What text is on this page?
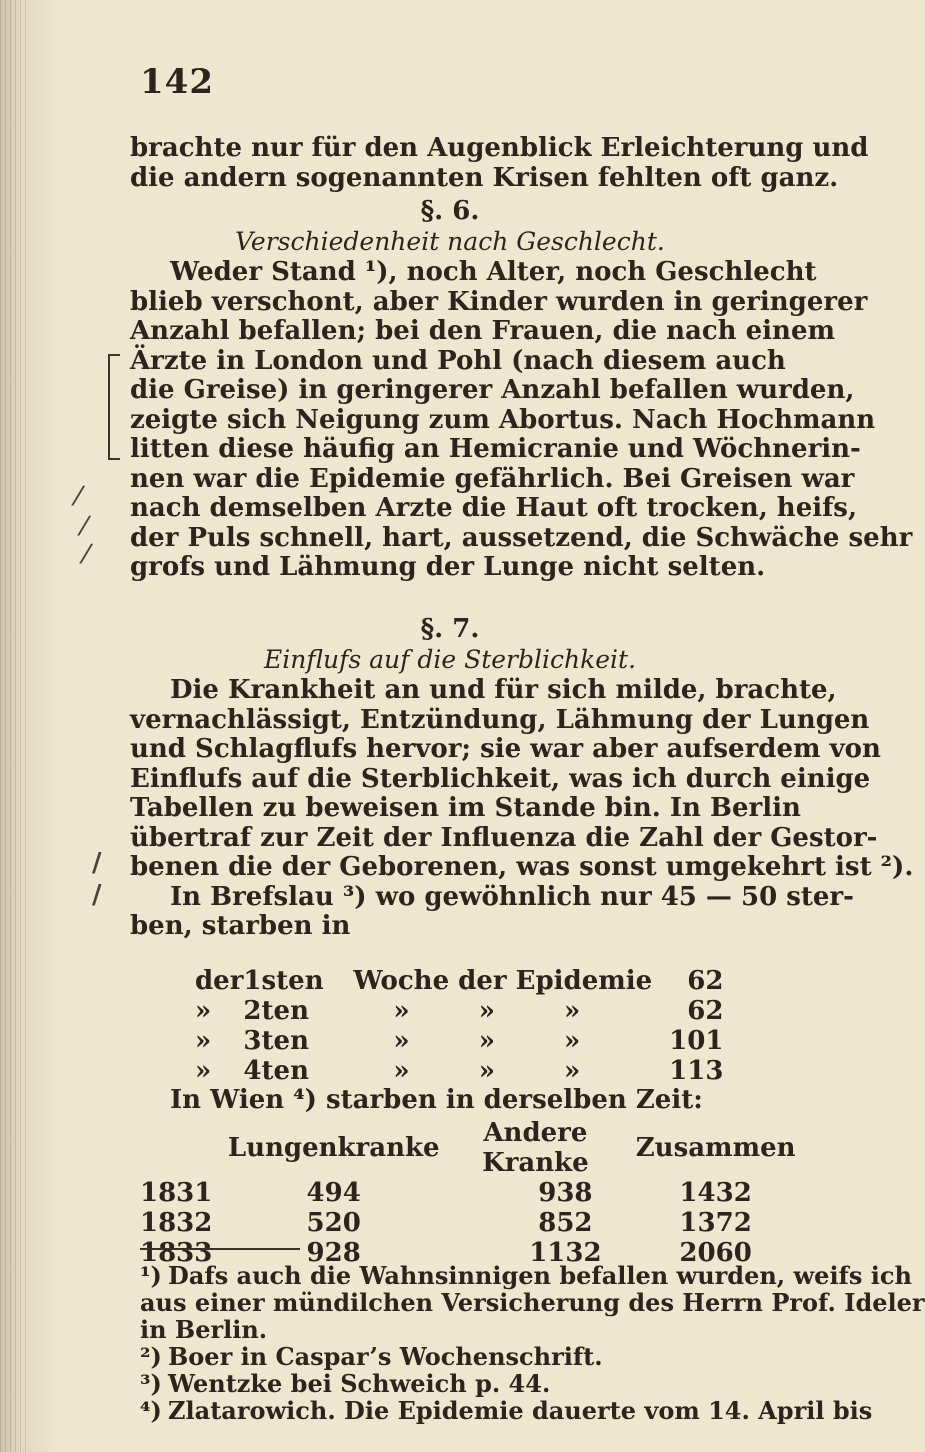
142
brachte nur für den Augenblick Erleichterung und
die andern sogenannten Krisen fehlten oft ganz.
§. 6.
Verschiedenheit nach Geschlecht.
Weder Stand ¹), noch Alter, noch Geschlecht
blieb verschont, aber Kinder wurden in geringerer
Anzahl befallen; bei den Frauen, die nach einem
Ärzte in London und Pohl (nach diesem auch
die Greise) in geringerer Anzahl befallen wurden,
zeigte sich Neigung zum Abortus. Nach Hochmann
litten diese häufig an Hemicranie und Wöchnerin-
nen war die Epidemie gefährlich. Bei Greisen war
nach demselben Arzte die Haut oft trocken, heifs,
der Puls schnell, hart, aussetzend, die Schwäche sehr
grofs und Lähmung der Lunge nicht selten.
§. 7.
Einflufs auf die Sterblichkeit.
Die Krankheit an und für sich milde, brachte,
vernachlässigt, Entzündung, Lähmung der Lungen
und Schlagflufs hervor; sie war aber aufserdem von
Einflufs auf die Sterblichkeit, was ich durch einige
Tabellen zu beweisen im Stande bin. In Berlin
übertraf zur Zeit der Influenza die Zahl der Gestor-
benen die der Geborenen, was sonst umgekehrt ist ²).
In Brefslau ³) wo gewöhnlich nur 45 — 50 ster-
ben, starben in
der	1sten	Woche der Epidemie	62
»	2ten	» » »	62
»	3ten	» » »	101
»	4ten	» » »	113
In Wien ⁴) starben in derselben Zeit:
	Lungenkranke	Andere Kranke	Zusammen
1831	494	938	1432
1832	520	852	1372
1833	928	1132	2060
¹) Dafs auch die Wahnsinnigen befallen wurden, weifs ich
aus einer mündilchen Versicherung des Herrn Prof. Ideler
in Berlin.
²) Boer in Caspar’s Wochenschrift.
³) Wentzke bei Schweich p. 44.
⁴) Zlatarowich. Die Epidemie dauerte vom 14. April bis
⁄
⁄
⁄
/
/
